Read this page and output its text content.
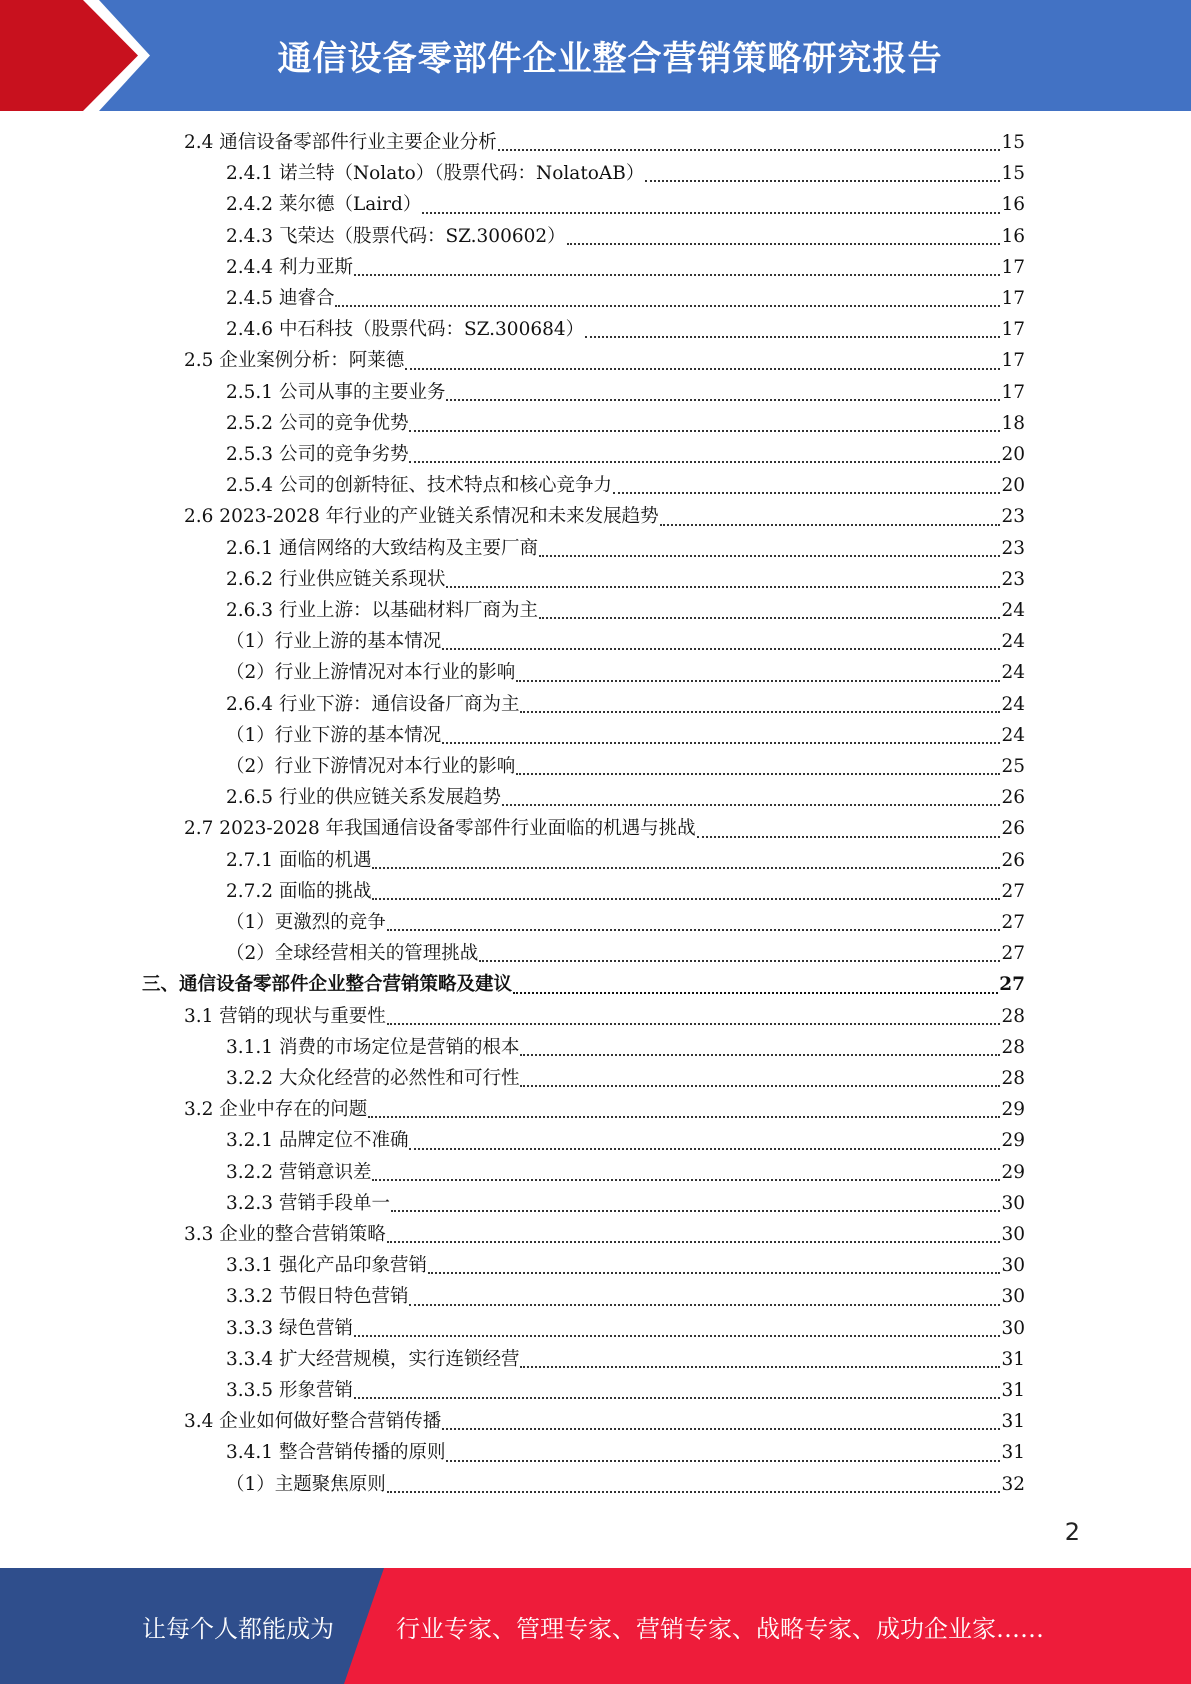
通信设备零部件企业整合营销策略研究报告
2.4 通信设备零部件行业主要企业分析	15
2.4.1 诺兰特（Nolato）（股票代码：NolatoAB）	15
2.4.2 莱尔德（Laird）	16
2.4.3 飞荣达（股票代码：SZ.300602）	16
2.4.4 利力亚斯	17
2.4.5 迪睿合	17
2.4.6 中石科技（股票代码：SZ.300684）	17
2.5 企业案例分析：阿莱德	17
2.5.1 公司从事的主要业务	17
2.5.2 公司的竞争优势	18
2.5.3 公司的竞争劣势	20
2.5.4 公司的创新特征、技术特点和核心竞争力	20
2.6 2023-2028 年行业的产业链关系情况和未来发展趋势	23
2.6.1 通信网络的大致结构及主要厂商	23
2.6.2 行业供应链关系现状	23
2.6.3 行业上游：以基础材料厂商为主	24
（1）行业上游的基本情况	24
（2）行业上游情况对本行业的影响	24
2.6.4 行业下游：通信设备厂商为主	24
（1）行业下游的基本情况	24
（2）行业下游情况对本行业的影响	25
2.6.5 行业的供应链关系发展趋势	26
2.7 2023-2028 年我国通信设备零部件行业面临的机遇与挑战	26
2.7.1 面临的机遇	26
2.7.2 面临的挑战	27
（1）更激烈的竞争	27
（2）全球经营相关的管理挑战	27
三、通信设备零部件企业整合营销策略及建议	27
3.1 营销的现状与重要性	28
3.1.1 消费的市场定位是营销的根本	28
3.2.2 大众化经营的必然性和可行性	28
3.2 企业中存在的问题	29
3.2.1 品牌定位不准确	29
3.2.2 营销意识差	29
3.2.3 营销手段单一	30
3.3 企业的整合营销策略	30
3.3.1 强化产品印象营销	30
3.3.2 节假日特色营销	30
3.3.3 绿色营销	30
3.3.4 扩大经营规模，实行连锁经营	31
3.3.5 形象营销	31
3.4 企业如何做好整合营销传播	31
3.4.1 整合营销传播的原则	31
（1）主题聚焦原则	32
2
让每个人都能成为	行业专家、管理专家、营销专家、战略专家、成功企业家……
